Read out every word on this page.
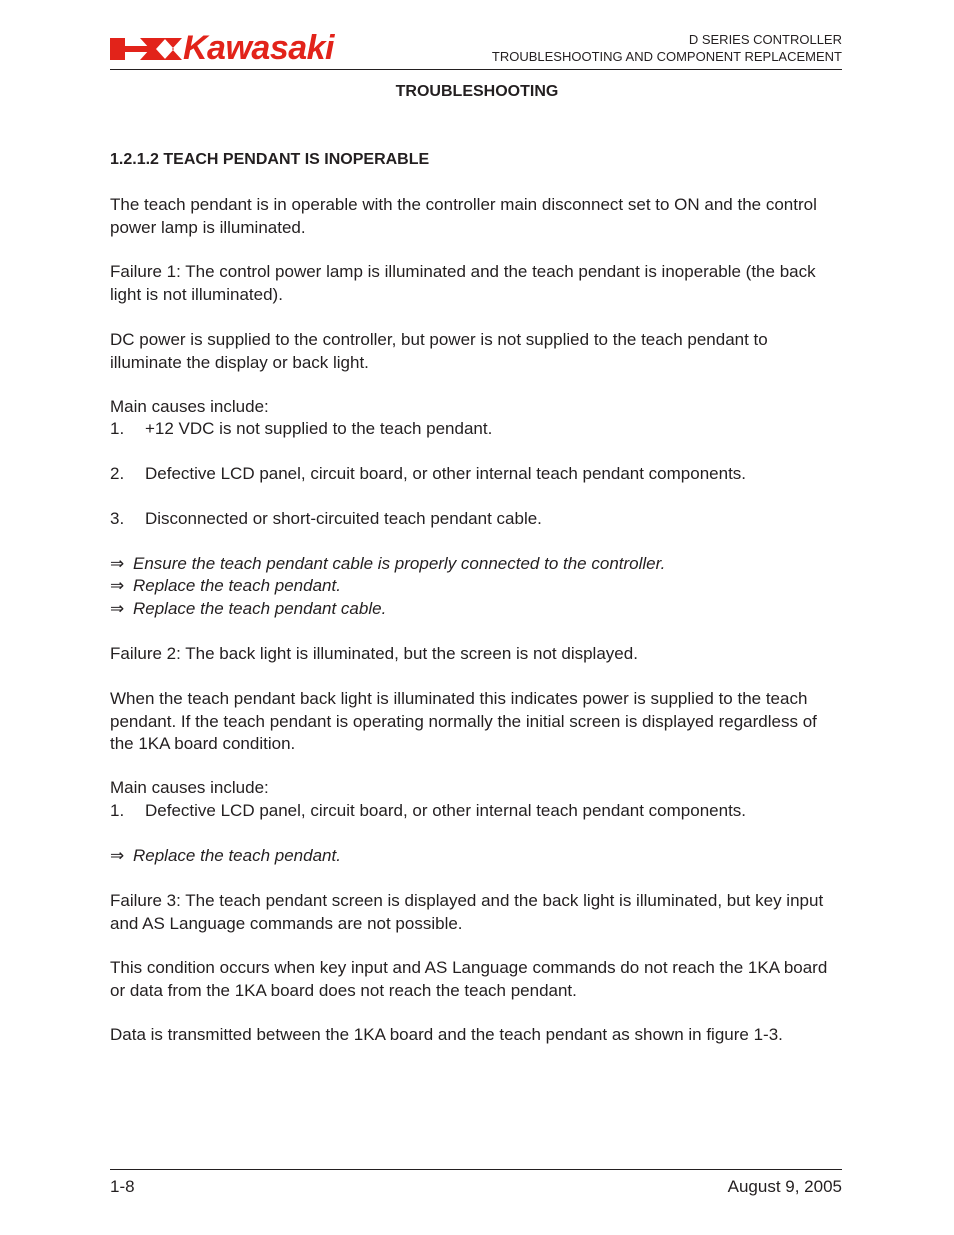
Kawasaki	D SERIES CONTROLLER
TROUBLESHOOTING AND COMPONENT REPLACEMENT
TROUBLESHOOTING

1.2.1.2 TEACH PENDANT IS INOPERABLE

The teach pendant is in operable with the controller main disconnect set to ON and the control power lamp is illuminated.

Failure 1: The control power lamp is illuminated and the teach pendant is inoperable (the back light is not illuminated).

DC power is supplied to the controller, but power is not supplied to the teach pendant to illuminate the display or back light.

Main causes include:

1. +12 VDC is not supplied to the teach pendant.

2. Defective LCD panel, circuit board, or other internal teach pendant components.

3. Disconnected or short-circuited teach pendant cable.

⇒ Ensure the teach pendant cable is properly connected to the controller.

⇒ Replace the teach pendant.

⇒ Replace the teach pendant cable.

Failure 2: The back light is illuminated, but the screen is not displayed.

When the teach pendant back light is illuminated this indicates power is supplied to the teach pendant. If the teach pendant is operating normally the initial screen is displayed regardless of the 1KA board condition.

Main causes include:

1. Defective LCD panel, circuit board, or other internal teach pendant components.

⇒ Replace the teach pendant.

Failure 3: The teach pendant screen is displayed and the back light is illuminated, but key input and AS Language commands are not possible.

This condition occurs when key input and AS Language commands do not reach the 1KA board or data from the 1KA board does not reach the teach pendant.

Data is transmitted between the 1KA board and the teach pendant as shown in figure 1-3.

1-8	August 9, 2005
